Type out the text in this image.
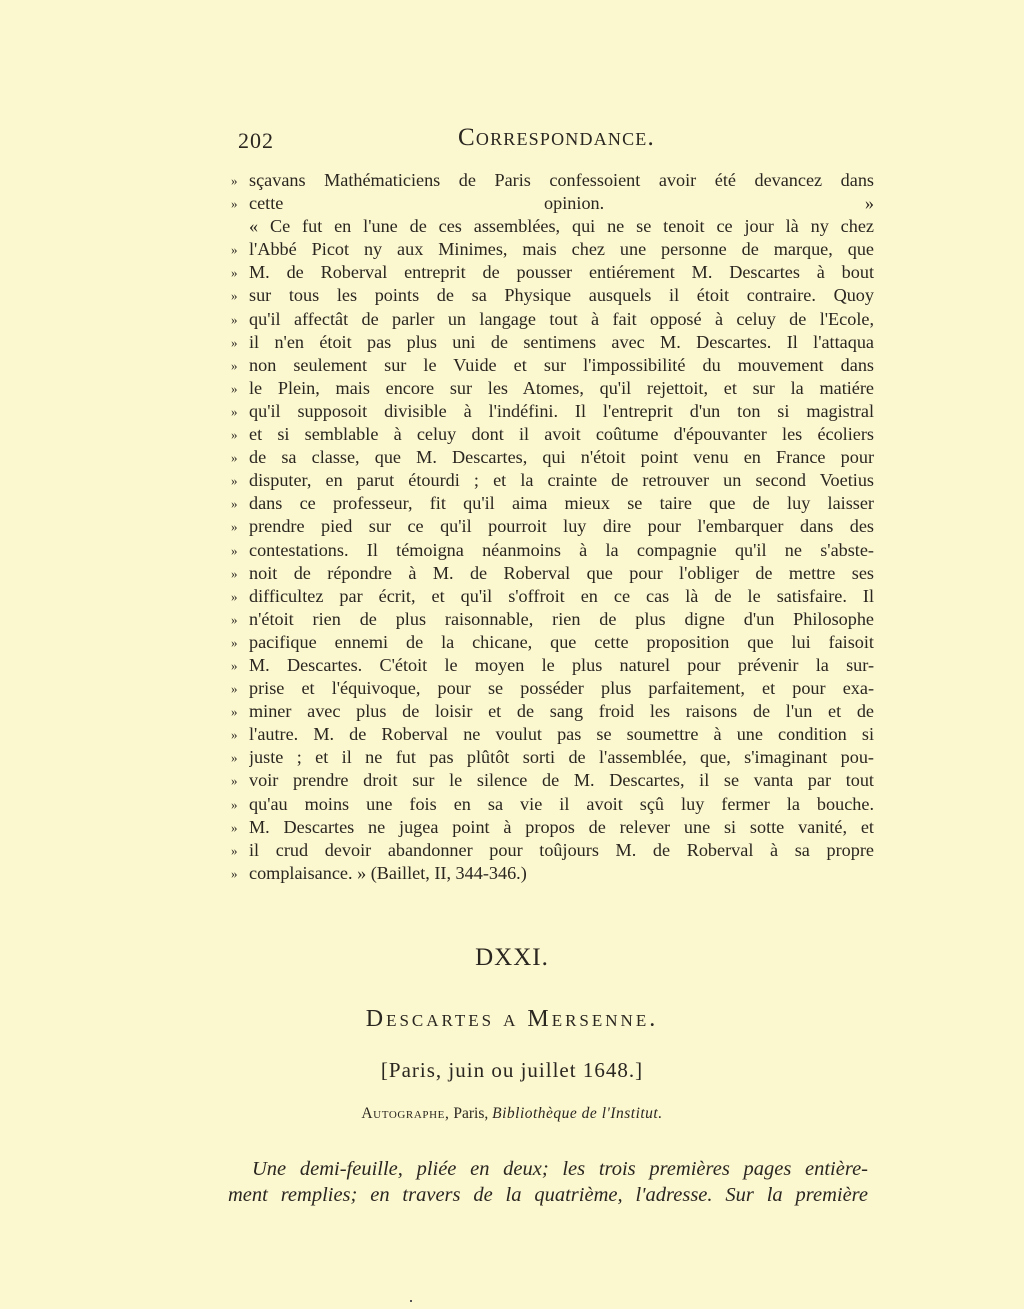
202	Correspondance.
» sçavans Mathématiciens de Paris confessoient avoir été devancez dans
» cette opinion. »
« Ce fut en l'une de ces assemblées, qui ne se tenoit ce jour là ny chez
» l'Abbé Picot ny aux Minimes, mais chez une personne de marque, que
» M. de Roberval entreprit de pousser entiérement M. Descartes à bout
» sur tous les points de sa Physique ausquels il étoit contraire. Quoy
» qu'il affectât de parler un langage tout à fait opposé à celuy de l'Ecole,
» il n'en étoit pas plus uni de sentimens avec M. Descartes. Il l'attaqua
» non seulement sur le Vuide et sur l'impossibilité du mouvement dans
» le Plein, mais encore sur les Atomes, qu'il rejettoit, et sur la matiére
» qu'il supposoit divisible à l'indéfini. Il l'entreprit d'un ton si magistral
» et si semblable à celuy dont il avoit coûtume d'épouvanter les écoliers
» de sa classe, que M. Descartes, qui n'étoit point venu en France pour
» disputer, en parut étourdi ; et la crainte de retrouver un second Voetius
» dans ce professeur, fit qu'il aima mieux se taire que de luy laisser
» prendre pied sur ce qu'il pourroit luy dire pour l'embarquer dans des
» contestations. Il témoigna néanmoins à la compagnie qu'il ne s'abste-
» noit de répondre à M. de Roberval que pour l'obliger de mettre ses
» difficultez par écrit, et qu'il s'offroit en ce cas là de le satisfaire. Il
» n'étoit rien de plus raisonnable, rien de plus digne d'un Philosophe
» pacifique ennemi de la chicane, que cette proposition que lui faisoit
» M. Descartes. C'étoit le moyen le plus naturel pour prévenir la sur-
» prise et l'équivoque, pour se posséder plus parfaitement, et pour exa-
» miner avec plus de loisir et de sang froid les raisons de l'un et de
» l'autre. M. de Roberval ne voulut pas se soumettre à une condition si
» juste ; et il ne fut pas plûtôt sorti de l'assemblée, que, s'imaginant pou-
» voir prendre droit sur le silence de M. Descartes, il se vanta par tout
» qu'au moins une fois en sa vie il avoit sçû luy fermer la bouche.
» M. Descartes ne jugea point à propos de relever une si sotte vanité, et
» il crud devoir abandonner pour toûjours M. de Roberval à sa propre
» complaisance. » (Baillet, II, 344-346.)
DXXI.
Descartes a Mersenne.
[Paris, juin ou juillet 1648.]
Autographe, Paris, Bibliothèque de l'Institut.
Une demi-feuille, pliée en deux; les trois premières pages entière-
ment remplies; en travers de la quatrième, l'adresse. Sur la première
